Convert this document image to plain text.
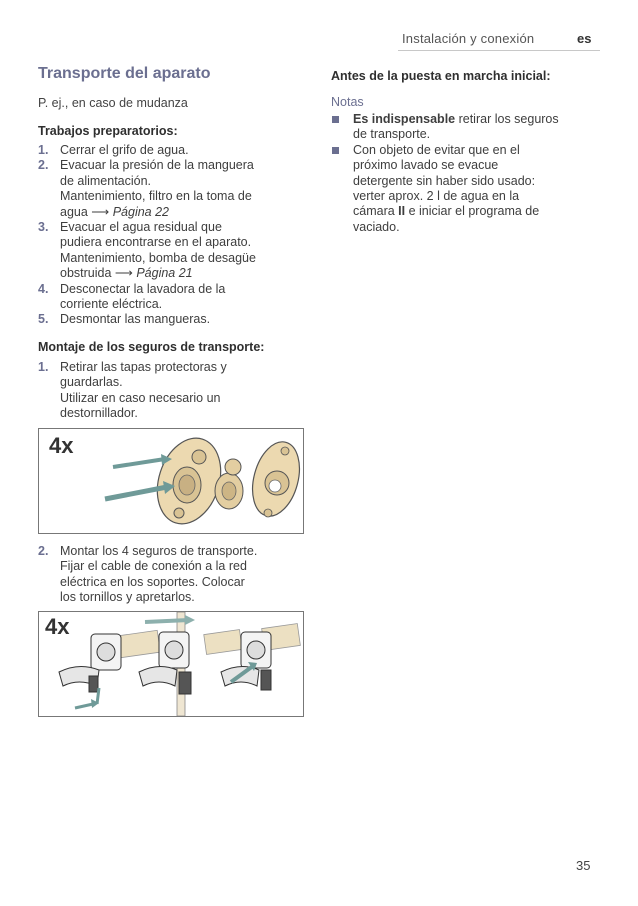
Instalación y conexión	es
Transporte del aparato
P. ej., en caso de mudanza
Trabajos preparatorios:
1. Cerrar el grifo de agua.
2. Evacuar la presión de la manguera
de alimentación.
Mantenimiento, filtro en la toma de
agua ⟶ Página 22
3. Evacuar el agua residual que
pudiera encontrarse en el aparato.
Mantenimiento, bomba de desagüe
obstruida ⟶ Página 21
4. Desconectar la lavadora de la
corriente eléctrica.
5. Desmontar las mangueras.
Montaje de los seguros de transporte:
1. Retirar las tapas protectoras y
guardarlas.
Utilizar en caso necesario un
destornillador.
4x
2. Montar los 4 seguros de transporte.
Fijar el cable de conexión a la red
eléctrica en los soportes. Colocar
los tornillos y apretarlos.
4x
Antes de la puesta en marcha inicial:
Notas
Es indispensable retirar los seguros
de transporte.
Con objeto de evitar que en el
próximo lavado se evacue
detergente sin haber sido usado:
verter aprox. 2 l de agua en la
cámara II e iniciar el programa de
vaciado.
35
